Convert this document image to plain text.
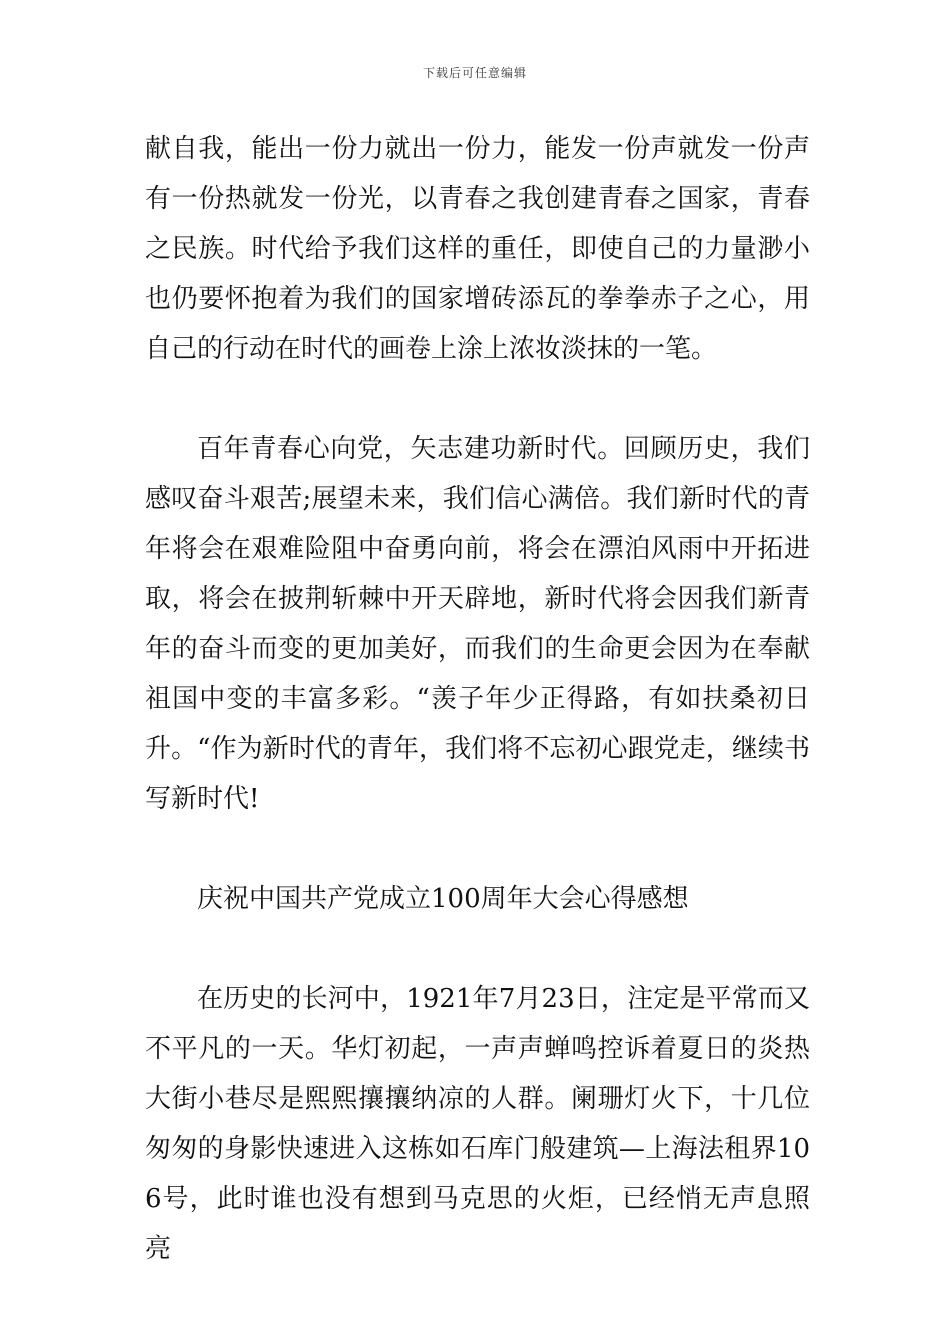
下载后可任意编辑

献自我，能出一份力就出一份力，能发一份声就发一份声有一份热就发一份光，以青春之我创建青春之国家，青春之民族。时代给予我们这样的重任，即使自己的力量渺小也仍要怀抱着为我们的国家增砖添瓦的拳拳赤子之心，用自己的行动在时代的画卷上涂上浓妆淡抹的一笔。

百年青春心向党，矢志建功新时代。回顾历史，我们感叹奋斗艰苦;展望未来，我们信心满倍。我们新时代的青年将会在艰难险阻中奋勇向前，将会在漂泊风雨中开拓进取，将会在披荆斩棘中开天辟地，新时代将会因我们新青年的奋斗而变的更加美好，而我们的生命更会因为在奉献祖国中变的丰富多彩。“羡子年少正得路，有如扶桑初日升。“作为新时代的青年，我们将不忘初心跟党走，继续书写新时代!

庆祝中国共产党成立100周年大会心得感想

在历史的长河中，1921年7月23日，注定是平常而又不平凡的一天。华灯初起，一声声蝉鸣控诉着夏日的炎热大街小巷尽是熙熙攘攘纳凉的人群。阑珊灯火下，十几位匆匆的身影快速进入这栋如石库门般建筑—上海法租界106号，此时谁也没有想到马克思的火炬，已经悄无声息照亮
